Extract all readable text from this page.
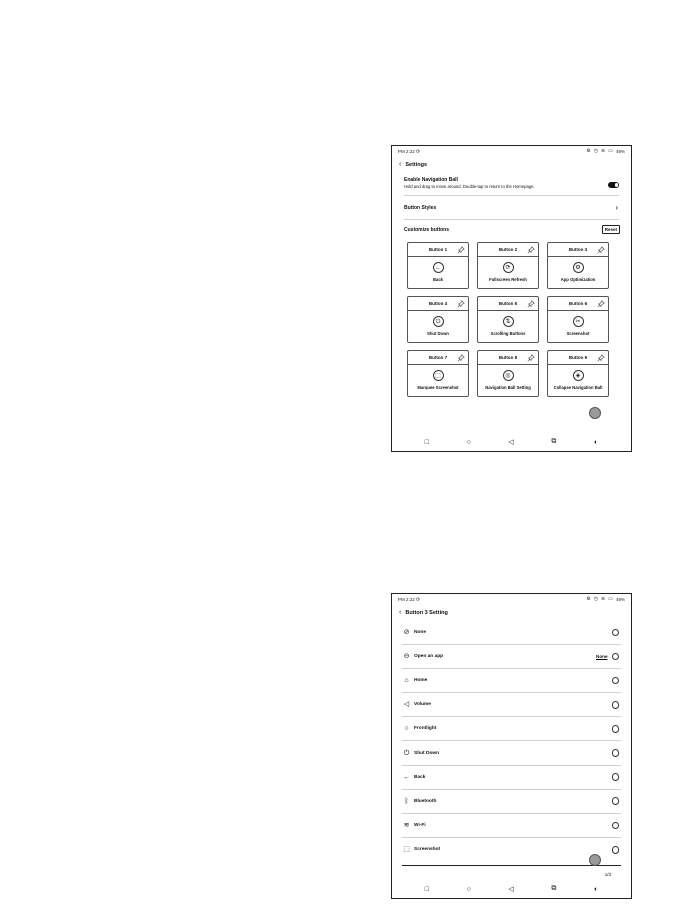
PM 2:22 ⟳	⚙ ◷ ≋ ▭ 49%
‹ Settings
Enable Navigation Ball
Hold and drag to move around. Double-tap to return to the Homepage.
Button Styles	›
Customize buttons	Reset
Button 1
←
Back
Button 2
⟳
Fullscreen Refresh
Button 3
⚙
App Optimization
Button 4
⏻
Shut Down
Button 5
⇅
Scrolling Buttons
Button 6
✂
Screenshot
Button 7
⬚
Marquee Screenshot
Button 8
◎
Navigation Ball Setting
Button 9
◈
Collapse Navigation Ball
□	○	◁	⧉	◐
PM 2:22 ⟳	⚙ ◷ ≋ ▭ 49%
‹ Button 3 Setting
⊘ None
⊝ Open an app	None
⌂	Home
◁	Volume
○	Frontlight
⏻ Shut Down
← Back
ᛒ	Bluetooth
≋ Wi-Fi
⬚ Screenshot
1/3
□	○	◁	⧉	◐
